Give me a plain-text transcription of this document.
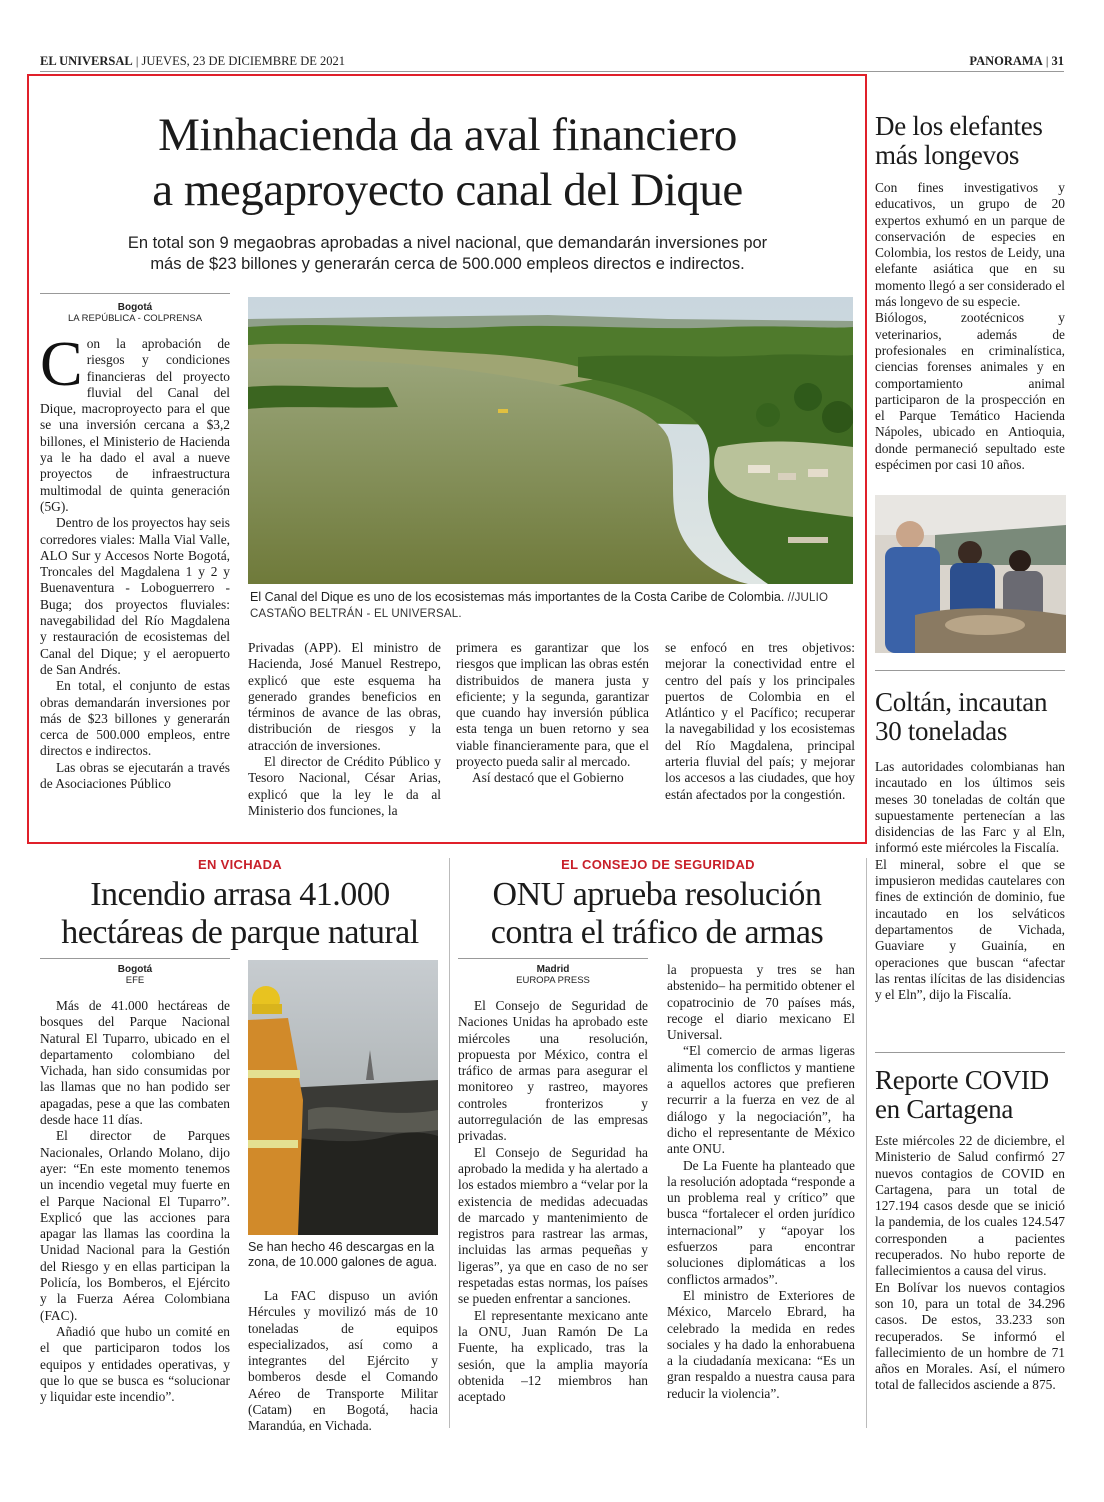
EL UNIVERSAL | JUEVES, 23 DE DICIEMBRE DE 2021	PANORAMA | 31
Minhacienda da aval financiero
a megaproyecto canal del Dique
En total son 9 megaobras aprobadas a nivel nacional, que demandarán inversiones por
más de $23 billones y generarán cerca de 500.000 empleos directos e indirectos.
Bogotá
LA REPÚBLICA - COLPRENSA

Con la aprobación de riesgos y condiciones financieras del proyecto fluvial del Canal del Dique, macroproyecto para el que se una inversión cercana a $3,2 billones, el Ministerio de Hacienda ya le ha dado el aval a nueve proyectos de infraestructura multimodal de quinta generación (5G).

Dentro de los proyectos hay seis corredores viales: Malla Vial Valle, ALO Sur y Accesos Norte Bogotá, Troncales del Magdalena 1 y 2 y Buenaventura - Loboguerrero - Buga; dos proyectos fluviales: navegabilidad del Río Magdalena y restauración de ecosistemas del Canal del Dique; y el aeropuerto de San Andrés.

En total, el conjunto de estas obras demandarán inversiones por más de $23 billones y generarán cerca de 500.000 empleos, entre directos e indirectos.

Las obras se ejecutarán a través de Asociaciones Público

El Canal del Dique es uno de los ecosistemas más importantes de la Costa Caribe de Colombia. //JULIO CASTAÑO BELTRÁN - EL UNIVERSAL.

Privadas (APP). El ministro de Hacienda, José Manuel Restrepo, explicó que este esquema ha generado grandes beneficios en términos de avance de las obras, distribución de riesgos y la atracción de inversiones.

El director de Crédito Público y Tesoro Nacional, César Arias, explicó que la ley le da al Ministerio dos funciones, la

primera es garantizar que los riesgos que implican las obras estén distribuidos de manera justa y eficiente; y la segunda, garantizar que cuando hay inversión pública esta tenga un buen retorno y sea viable financieramente para, que el proyecto pueda salir al mercado.

Así destacó que el Gobierno

se enfocó en tres objetivos: mejorar la conectividad entre el centro del país y los principales puertos de Colombia en el Atlántico y el Pacífico; recuperar la navegabilidad y los ecosistemas del Río Magdalena, principal arteria fluvial del país; y mejorar los accesos a las ciudades, que hoy están afectados por la congestión.

De los elefantes
más longevos

Con fines investigativos y educativos, un grupo de 20 expertos exhumó en un parque de conservación de especies en Colombia, los restos de Leidy, una elefante asiática que en su momento llegó a ser considerado el más longevo de su especie.

Biólogos, zootécnicos y veterinarios, además de profesionales en criminalística, ciencias forenses animales y en comportamiento animal participaron de la prospección en el Parque Temático Hacienda Nápoles, ubicado en Antioquia, donde permaneció sepultado este espécimen por casi 10 años.

Coltán, incautan
30 toneladas

Las autoridades colombianas han incautado en los últimos seis meses 30 toneladas de coltán que supuestamente pertenecían a las disidencias de las Farc y al Eln, informó este miércoles la Fiscalía.

El mineral, sobre el que se impusieron medidas cautelares con fines de extinción de dominio, fue incautado en los selváticos departamentos de Vichada, Guaviare y Guainía, en operaciones que buscan “afectar las rentas ilícitas de las disidencias y el Eln”, dijo la Fiscalía.

Reporte COVID
en Cartagena

Este miércoles 22 de diciembre, el Ministerio de Salud confirmó 27 nuevos contagios de COVID en Cartagena, para un total de 127.194 casos desde que se inició la pandemia, de los cuales 124.547 corresponden a pacientes recuperados. No hubo reporte de fallecimientos a causa del virus.

En Bolívar los nuevos contagios son 10, para un total de 34.296 casos. De estos, 33.233 son recuperados. Se informó el fallecimiento de un hombre de 71 años en Morales. Así, el número total de fallecidos asciende a 875.

EN VICHADA
Incendio arrasa 41.000
hectáreas de parque natural
Bogotá
EFE

Más de 41.000 hectáreas de bosques del Parque Nacional Natural El Tuparro, ubicado en el departamento colombiano del Vichada, han sido consumidas por las llamas que no han podido ser apagadas, pese a que las combaten desde hace 11 días.

El director de Parques Nacionales, Orlando Molano, dijo ayer: “En este momento tenemos un incendio vegetal muy fuerte en el Parque Nacional El Tuparro”. Explicó que las acciones para apagar las llamas las coordina la Unidad Nacional para la Gestión del Riesgo y en ellas participan la Policía, los Bomberos, el Ejército y la Fuerza Aérea Colombiana (FAC).

Añadió que hubo un comité en el que participaron todos los equipos y entidades operativas, y que lo que se busca es “solucionar y liquidar este incendio”.

Se han hecho 46 descargas en la zona, de 10.000 galones de agua.

La FAC dispuso un avión Hércules y movilizó más de 10 toneladas de equipos especializados, así como a integrantes del Ejército y bomberos desde el Comando Aéreo de Transporte Militar (Catam) en Bogotá, hacia Marandúa, en Vichada.

EL CONSEJO DE SEGURIDAD
ONU aprueba resolución
contra el tráfico de armas
Madrid
EUROPA PRESS

El Consejo de Seguridad de Naciones Unidas ha aprobado este miércoles una resolución, propuesta por México, contra el tráfico de armas para asegurar el monitoreo y rastreo, mayores controles fronterizos y autorregulación de las empresas privadas.

El Consejo de Seguridad ha aprobado la medida y ha alertado a los estados miembro a “velar por la existencia de medidas adecuadas de marcado y mantenimiento de registros para rastrear las armas, incluidas las armas pequeñas y ligeras”, ya que en caso de no ser respetadas estas normas, los países se pueden enfrentar a sanciones.

El representante mexicano ante la ONU, Juan Ramón De La Fuente, ha explicado, tras la sesión, que la amplia mayoría obtenida –12 miembros han aceptado

la propuesta y tres se han abstenido– ha permitido obtener el copatrocinio de 70 países más, recoge el diario mexicano El Universal.

“El comercio de armas ligeras alimenta los conflictos y mantiene a aquellos actores que prefieren recurrir a la fuerza en vez de al diálogo y la negociación”, ha dicho el representante de México ante ONU.

De La Fuente ha planteado que la resolución adoptada “responde a un problema real y crítico” que busca “fortalecer el orden jurídico internacional” y “apoyar los esfuerzos para encontrar soluciones diplomáticas a los conflictos armados”.

El ministro de Exteriores de México, Marcelo Ebrard, ha celebrado la medida en redes sociales y ha dado la enhorabuena a la ciudadanía mexicana: “Es un gran respaldo a nuestra causa para reducir la violencia”.
